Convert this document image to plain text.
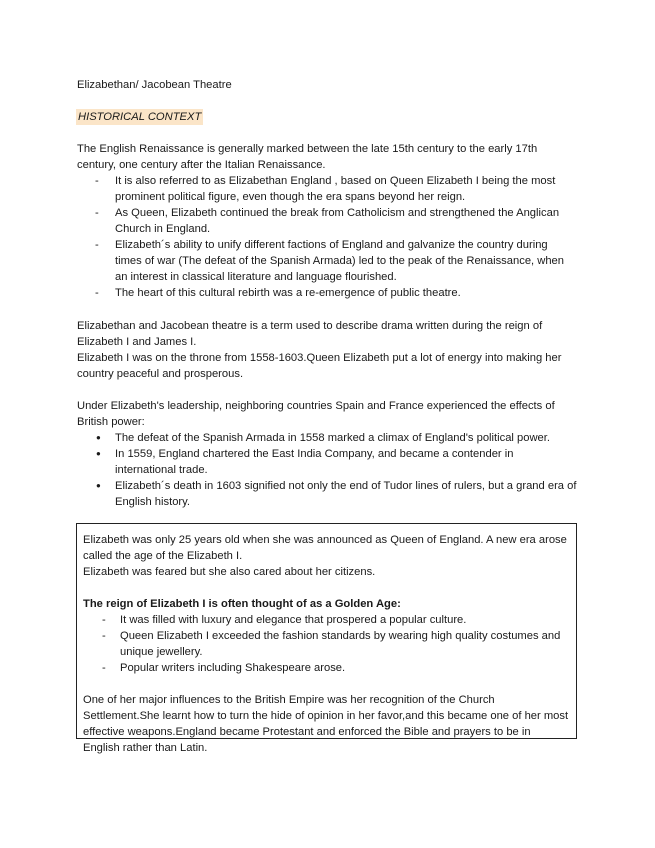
Elizabethan/ Jacobean Theatre

HISTORICAL CONTEXT

The English Renaissance is generally marked between the late 15th century to the early 17th century, one century after the Italian Renaissance.

- It is also referred to as Elizabethan England , based on Queen Elizabeth I being the most prominent political figure, even though the era spans beyond her reign.
- As Queen, Elizabeth continued the break from Catholicism and strengthened the Anglican Church in England.
- Elizabeth´s ability to unify different factions of England and galvanize the country during times of war (The defeat of the Spanish Armada) led to the peak of the Renaissance, when an interest in classical literature and language flourished.
- The heart of this cultural rebirth was a re-emergence of public theatre.

Elizabethan and Jacobean theatre is a term used to describe drama written during the reign of Elizabeth I and James I.

Elizabeth I was on the throne from 1558-1603.Queen Elizabeth put a lot of energy into making her country peaceful and prosperous.

Under Elizabeth's leadership, neighboring countries Spain and France experienced the effects of British power:

● The defeat of the Spanish Armada in 1558 marked a climax of England's political power.
● In 1559, England chartered the East India Company, and became a contender in international trade.
● Elizabeth´s death in 1603 signified not only the end of Tudor lines of rulers, but a grand era of English history.

Elizabeth was only 25 years old when she was announced as Queen of England. A new era arose called the age of the Elizabeth I.

Elizabeth was feared but she also cared about her citizens.

The reign of Elizabeth I is often thought of as a Golden Age:

- It was filled with luxury and elegance that prospered a popular culture.
- Queen Elizabeth I exceeded the fashion standards by wearing high quality costumes and unique jewellery.
- Popular writers including Shakespeare arose.

One of her major influences to the British Empire was her recognition of the Church Settlement.She learnt how to turn the hide of opinion in her favor,and this became one of her most effective weapons.England became Protestant and enforced the Bible and prayers to be in English rather than Latin.
